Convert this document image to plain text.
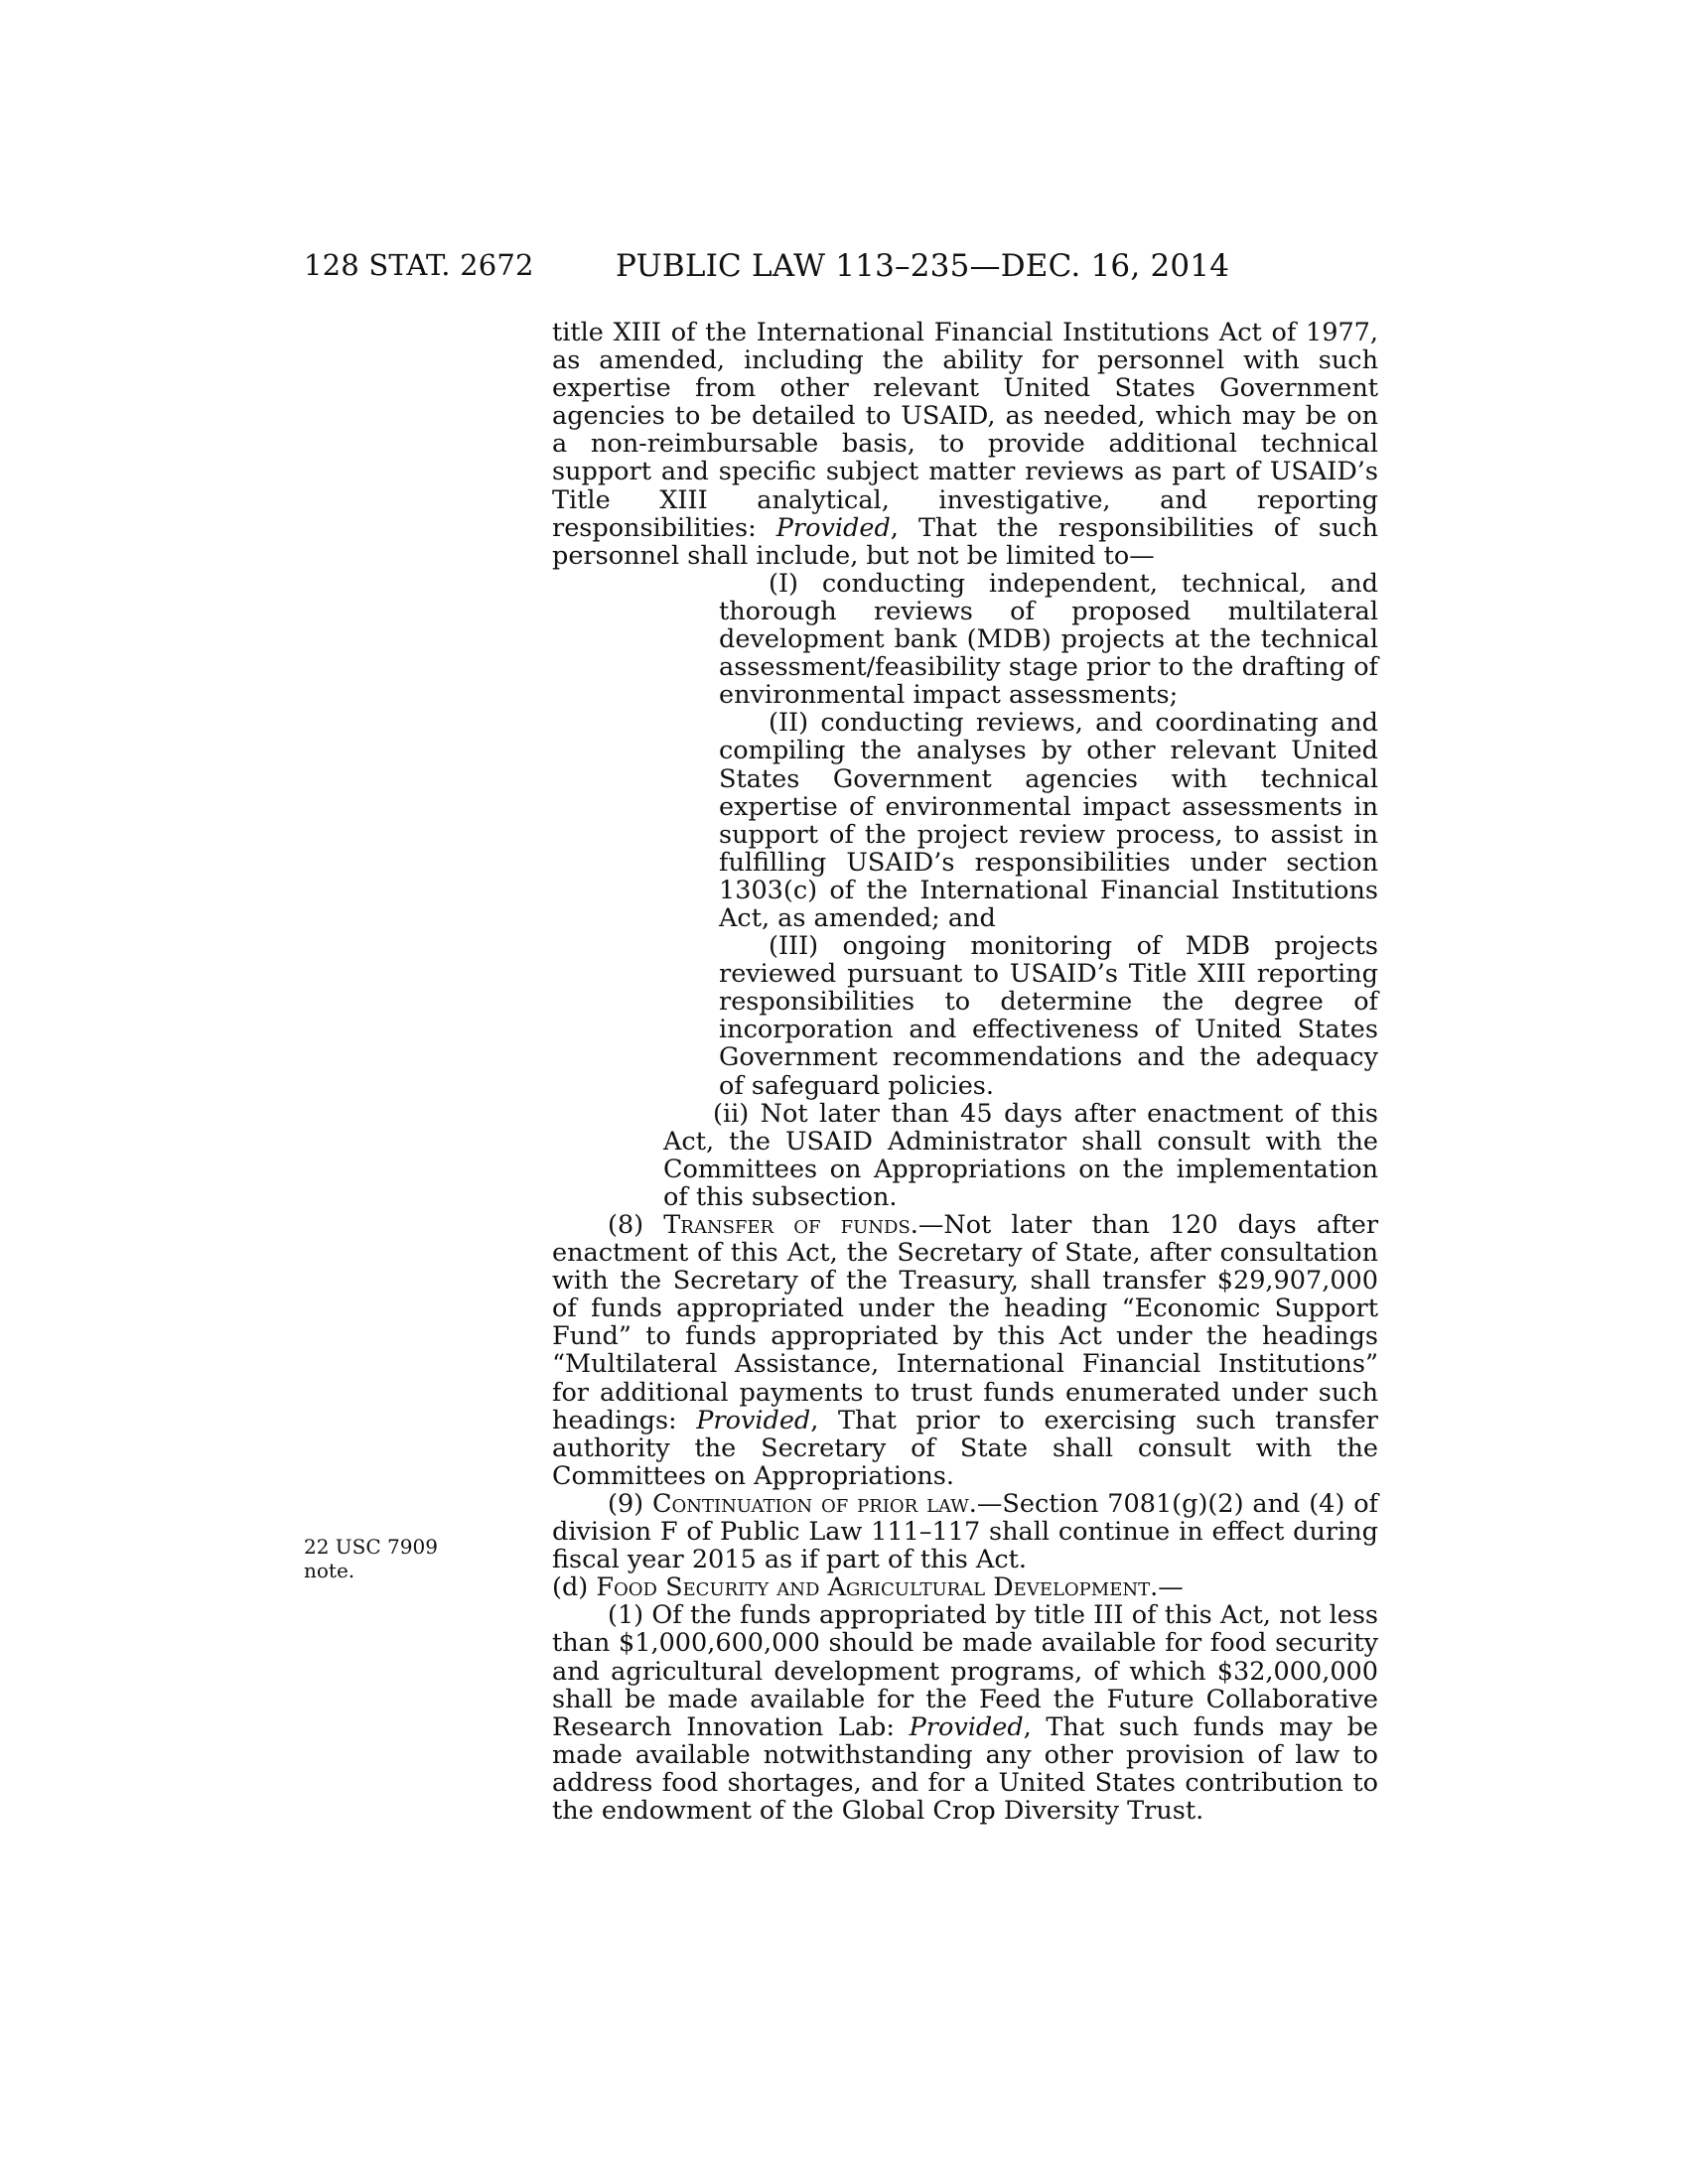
128 STAT. 2672	PUBLIC LAW 113–235—DEC. 16, 2014
22 USC 7909
note.

title XIII of the International Financial Institutions Act of 1977, as amended, including the ability for personnel with such expertise from other relevant United States Government agencies to be detailed to USAID, as needed, which may be on a non-reimbursable basis, to provide additional technical support and specific subject matter reviews as part of USAID’s Title XIII analytical, investigative, and reporting responsibilities: Provided, That the responsibilities of such personnel shall include, but not be limited to—

(I) conducting independent, technical, and thorough reviews of proposed multilateral development bank (MDB) projects at the technical assessment/feasibility stage prior to the drafting of environmental impact assessments;

(II) conducting reviews, and coordinating and compiling the analyses by other relevant United States Government agencies with technical expertise of environmental impact assessments in support of the project review process, to assist in fulfilling USAID’s responsibilities under section 1303(c) of the International Financial Institutions Act, as amended; and

(III) ongoing monitoring of MDB projects reviewed pursuant to USAID’s Title XIII reporting responsibilities to determine the degree of incorporation and effectiveness of United States Government recommendations and the adequacy of safeguard policies.

(ii) Not later than 45 days after enactment of this Act, the USAID Administrator shall consult with the Committees on Appropriations on the implementation of this subsection.

(8) Transfer of funds.—Not later than 120 days after enactment of this Act, the Secretary of State, after consultation with the Secretary of the Treasury, shall transfer $29,907,000 of funds appropriated under the heading “Economic Support Fund” to funds appropriated by this Act under the headings “Multilateral Assistance, International Financial Institutions” for additional payments to trust funds enumerated under such headings: Provided, That prior to exercising such transfer authority the Secretary of State shall consult with the Committees on Appropriations.

(9) Continuation of prior law.—Section 7081(g)(2) and (4) of division F of Public Law 111–117 shall continue in effect during fiscal year 2015 as if part of this Act.

(d) Food Security and Agricultural Development.—

(1) Of the funds appropriated by title III of this Act, not less than $1,000,600,000 should be made available for food security and agricultural development programs, of which $32,000,000 shall be made available for the Feed the Future Collaborative Research Innovation Lab: Provided, That such funds may be made available notwithstanding any other provision of law to address food shortages, and for a United States contribution to the endowment of the Global Crop Diversity Trust.
